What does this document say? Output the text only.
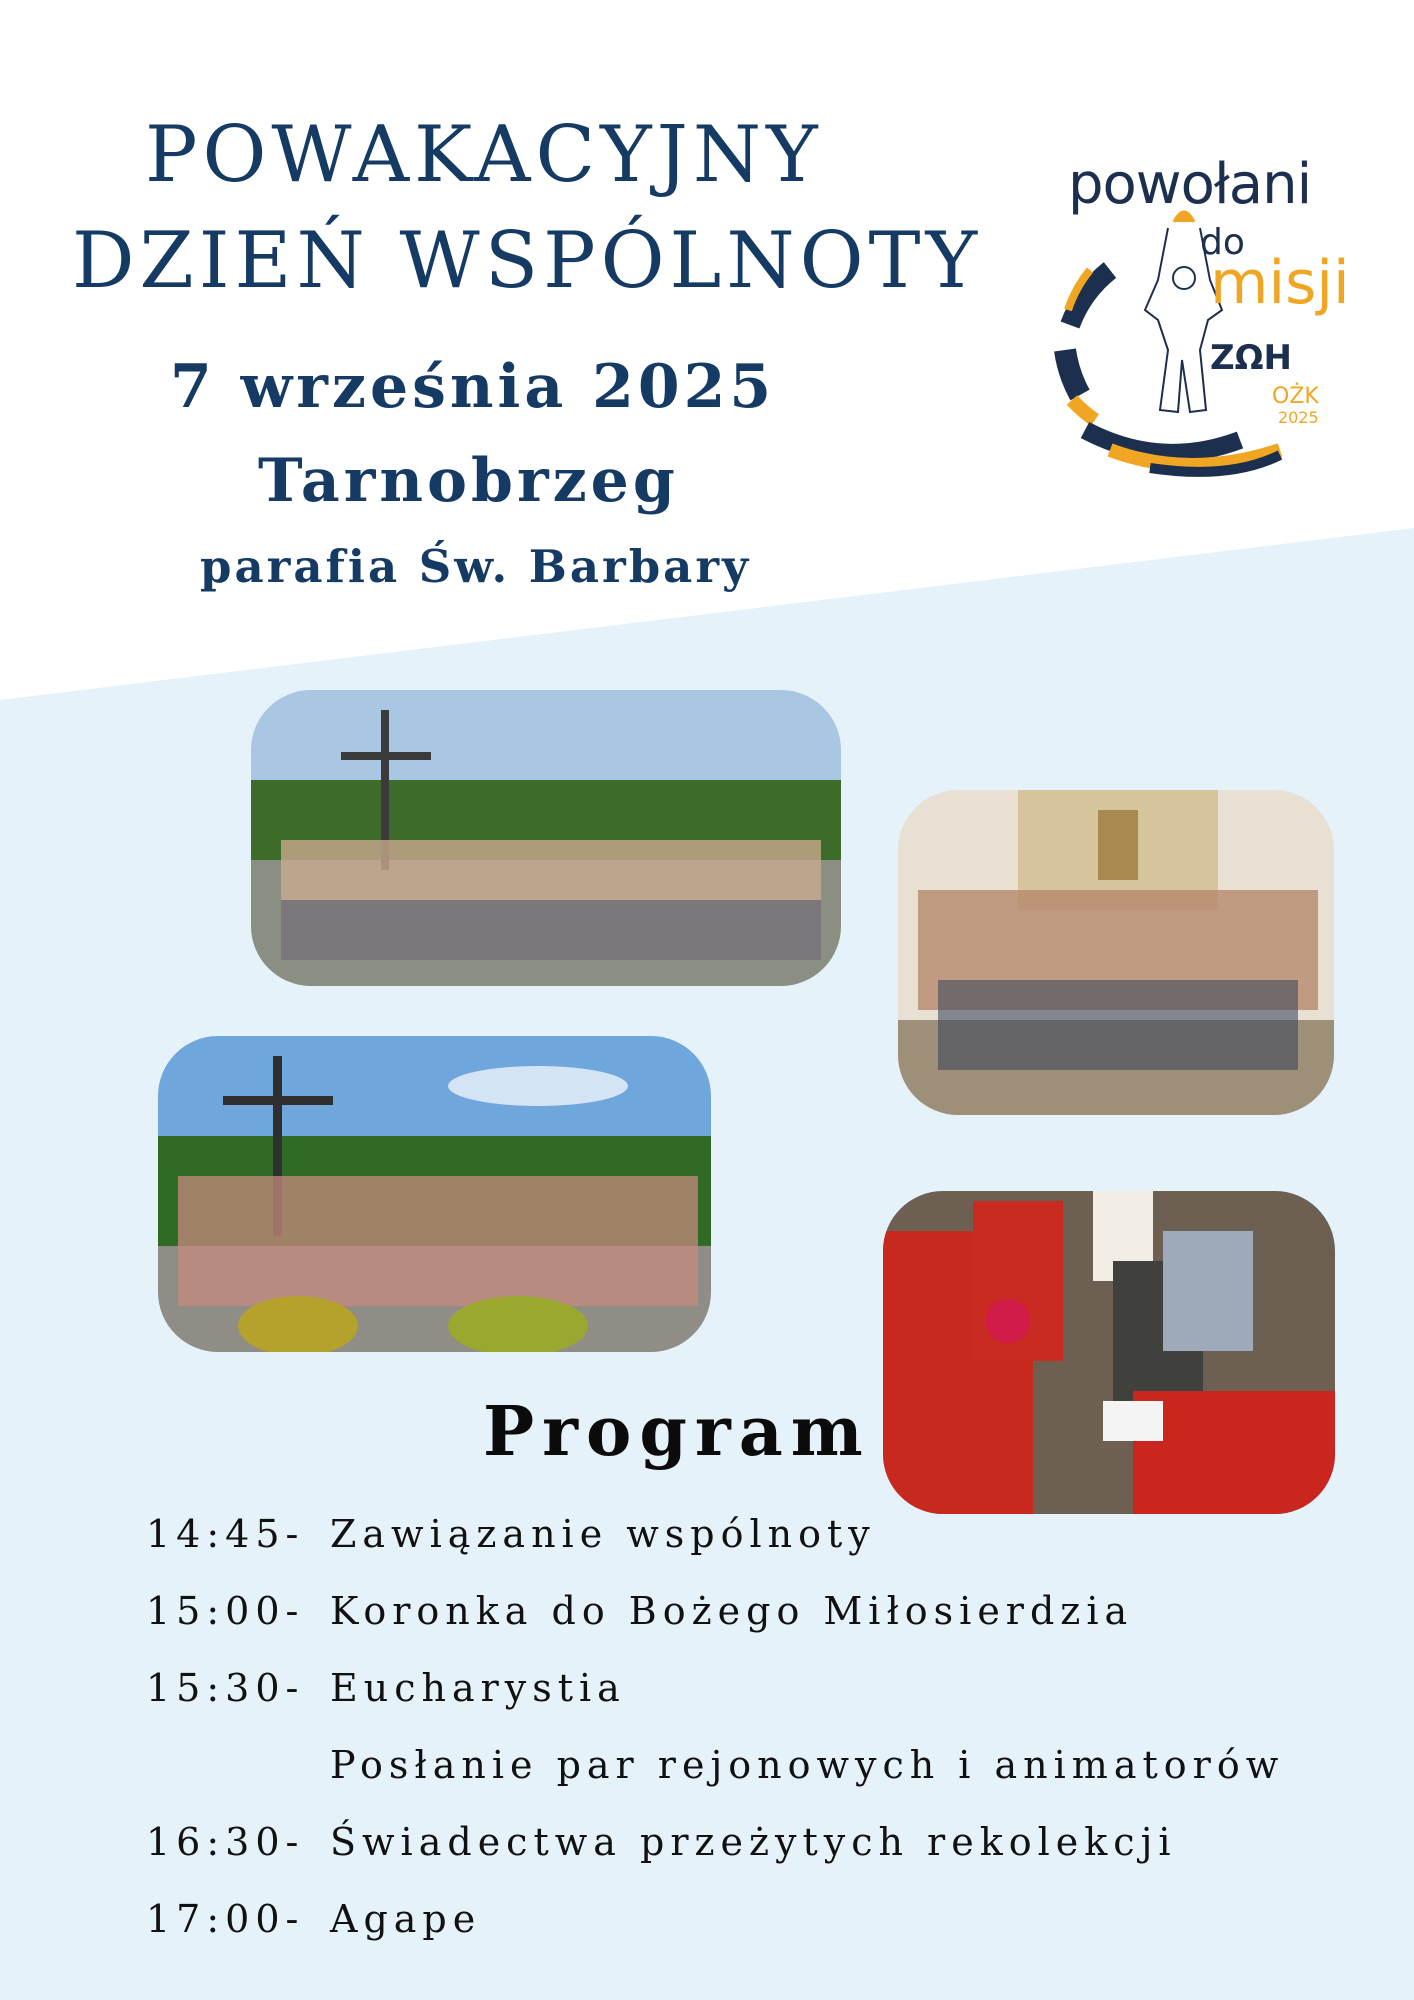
POWAKACYJNY
DZIEŃ WSPÓLNOTY
7 września 2025
Tarnobrzeg
parafia Św. Barbary
powołani
do
misji
ΖΩΗ
OŻK
2025
Program
14:45- Zawiązanie wspólnoty
15:00- Koronka do Bożego Miłosierdzia
15:30- Eucharystia
Posłanie par rejonowych i animatorów
16:30- Świadectwa przeżytych rekolekcji
17:00- Agape
